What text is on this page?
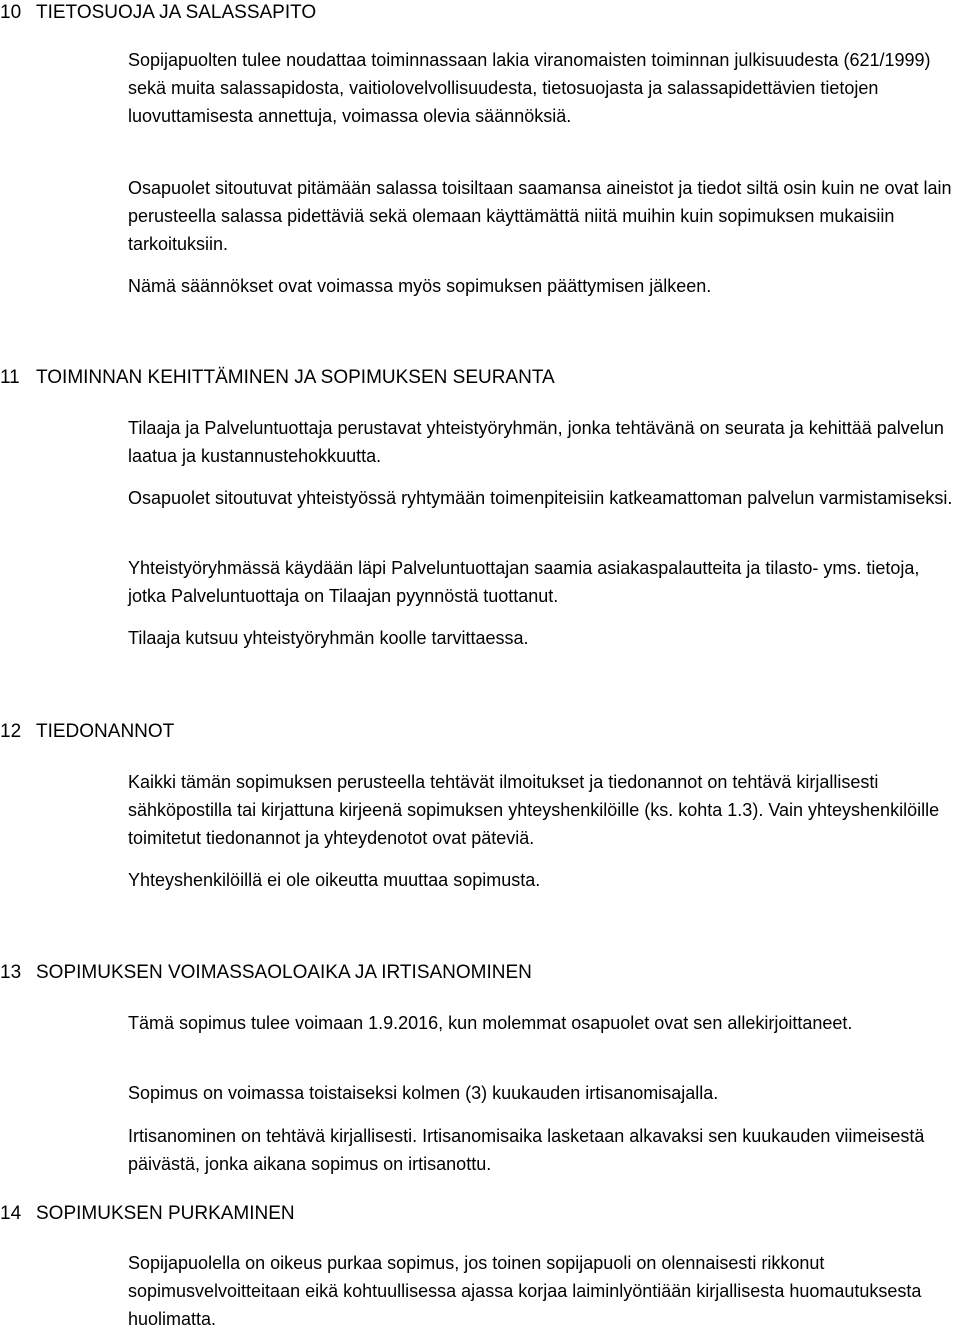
10 TIETOSUOJA JA SALASSAPITO

Sopijapuolten tulee noudattaa toiminnassaan lakia viranomaisten toiminnan julkisuudesta (621/1999) sekä muita salassapidosta, vaitiolovelvollisuudesta, tietosuojasta ja salassapidettävien tietojen luovuttamisesta annettuja, voimassa olevia säännöksiä.

Osapuolet sitoutuvat pitämään salassa toisiltaan saamansa aineistot ja tiedot siltä osin kuin ne ovat lain perusteella salassa pidettäviä sekä olemaan käyttämättä niitä muihin kuin sopimuksen mukaisiin tarkoituksiin.

Nämä säännökset ovat voimassa myös sopimuksen päättymisen jälkeen.

11 TOIMINNAN KEHITTÄMINEN JA SOPIMUKSEN SEURANTA

Tilaaja ja Palveluntuottaja perustavat yhteistyöryhmän, jonka tehtävänä on seurata ja kehittää palvelun laatua ja kustannustehokkuutta.

Osapuolet sitoutuvat yhteistyössä ryhtymään toimenpiteisiin katkeamattoman palvelun varmistamiseksi.

Yhteistyöryhmässä käydään läpi Palveluntuottajan saamia asiakaspalautteita ja tilasto- yms. tietoja, jotka Palveluntuottaja on Tilaajan pyynnöstä tuottanut.

Tilaaja kutsuu yhteistyöryhmän koolle tarvittaessa.

12 TIEDONANNOT

Kaikki tämän sopimuksen perusteella tehtävät ilmoitukset ja tiedonannot on tehtävä kirjallisesti sähköpostilla tai kirjattuna kirjeenä sopimuksen yhteyshenkilöille (ks. kohta 1.3). Vain yhteyshenkilöille toimitetut tiedonannot ja yhteydenotot ovat päteviä.

Yhteyshenkilöillä ei ole oikeutta muuttaa sopimusta.

13 SOPIMUKSEN VOIMASSAOLOAIKA JA IRTISANOMINEN

Tämä sopimus tulee voimaan 1.9.2016, kun molemmat osapuolet ovat sen allekirjoittaneet.

Sopimus on voimassa toistaiseksi kolmen (3) kuukauden irtisanomisajalla.

Irtisanominen on tehtävä kirjallisesti. Irtisanomisaika lasketaan alkavaksi sen kuukauden viimeisestä päivästä, jonka aikana sopimus on irtisanottu.

14 SOPIMUKSEN PURKAMINEN

Sopijapuolella on oikeus purkaa sopimus, jos toinen sopijapuoli on olennaisesti rikkonut sopimusvelvoitteitaan eikä kohtuullisessa ajassa korjaa laiminlyöntiään kirjallisesta huomautuksesta huolimatta.
